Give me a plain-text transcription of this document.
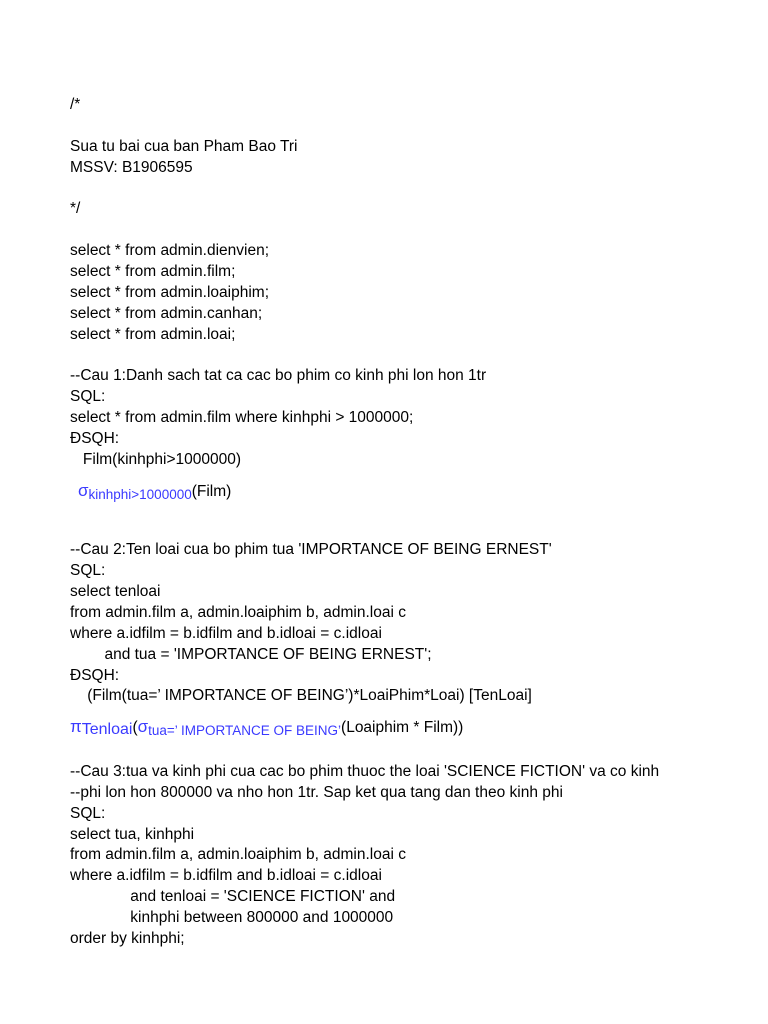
/*
Sua tu bai cua ban Pham Bao Tri
MSSV: B1906595
*/
select * from admin.dienvien;
select * from admin.film;
select * from admin.loaiphim;
select * from admin.canhan;
select * from admin.loai;
--Cau 1:Danh sach tat ca cac bo phim co kinh phi lon hon 1tr
SQL:
select * from admin.film where kinhphi > 1000000;
ĐSQH:
Film(kinhphi>1000000)
σkinhphi>1000000(Film)
--Cau 2:Ten loai cua bo phim tua 'IMPORTANCE OF BEING ERNEST'
SQL:
select tenloai
from admin.film a, admin.loaiphim b, admin.loai c
where a.idfilm = b.idfilm and b.idloai = c.idloai
and tua = 'IMPORTANCE OF BEING ERNEST';
ĐSQH:
(Film(tua=’ IMPORTANCE OF BEING’)*LoaiPhim*Loai) [TenLoai]
πTenloai(σtua=’ IMPORTANCE OF BEING’(Loaiphim * Film))
--Cau 3:tua va kinh phi cua cac bo phim thuoc the loai 'SCIENCE FICTION' va co kinh
--phi lon hon 800000 va nho hon 1tr. Sap ket qua tang dan theo kinh phi
SQL:
select tua, kinhphi
from admin.film a, admin.loaiphim b, admin.loai c
where a.idfilm = b.idfilm and b.idloai = c.idloai
and tenloai = 'SCIENCE FICTION' and
kinhphi between 800000 and 1000000
order by kinhphi;
